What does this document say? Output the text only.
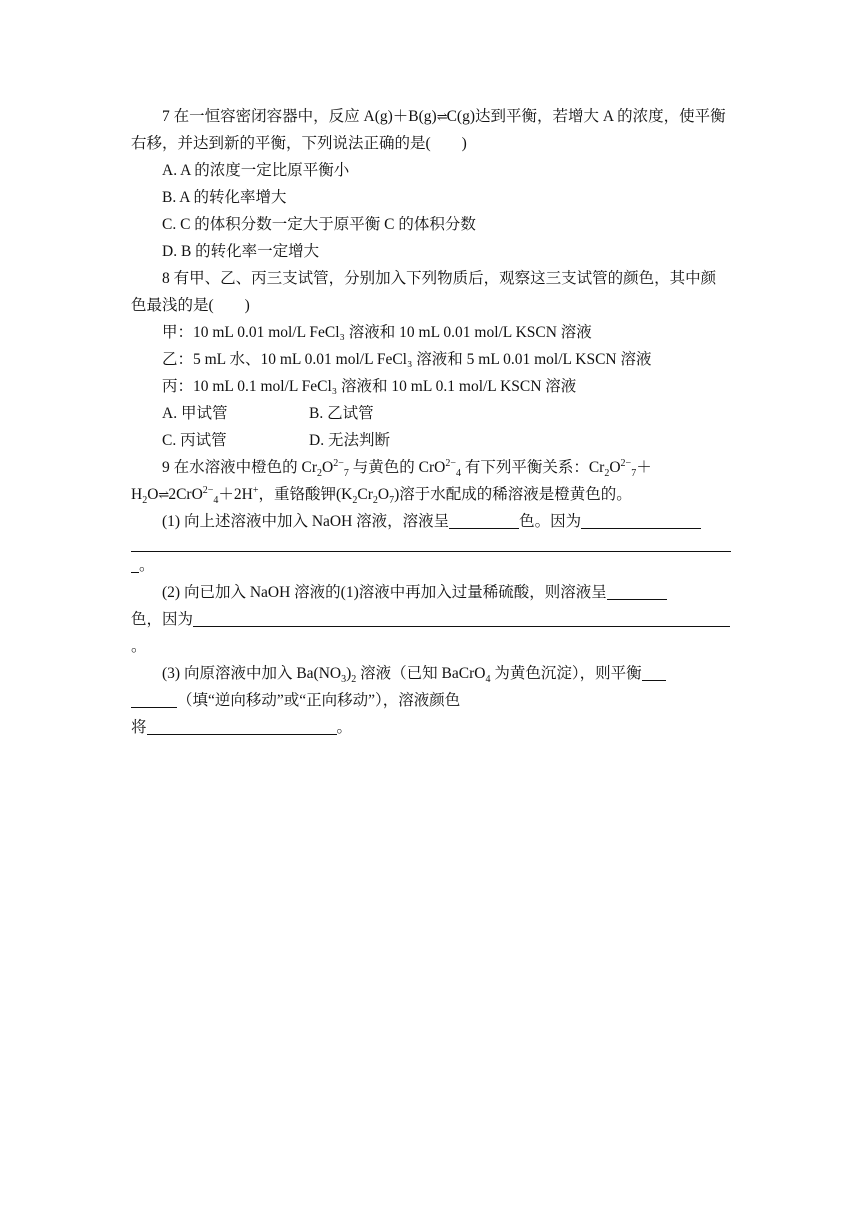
7 在一恒容密闭容器中，反应 A(g)＋B(g)⇌C(g)达到平衡，若增大 A 的浓度，使平衡右移，并达到新的平衡，下列说法正确的是(　　)

A. A 的浓度一定比原平衡小

B. A 的转化率增大

C. C 的体积分数一定大于原平衡 C 的体积分数

D. B 的转化率一定增大

8 有甲、乙、丙三支试管，分别加入下列物质后，观察这三支试管的颜色，其中颜色最浅的是(　　)

甲：10 mL 0.01 mol/L FeCl₃ 溶液和 10 mL 0.01 mol/L KSCN 溶液

乙：5 mL 水、10 mL 0.01 mol/L FeCl₃ 溶液和 5 mL 0.01 mol/L KSCN 溶液

丙：10 mL 0.1 mol/L FeCl₃ 溶液和 10 mL 0.1 mol/L KSCN 溶液

A. 甲试管	B. 乙试管
C. 丙试管	D. 无法判断

9 在水溶液中橙色的 $Cr_2O^{2-}_7$ 与黄色的 CrO$^{2-}_4$ 有下列平衡关系：$Cr_2O^{2-}_7+H_2O\rightleftharpoons 2CrO^{2-}_4+2H^+$，重铬酸钾$(K_2Cr_2O_7)$溶于水配成的稀溶液是橙黄色的。

(1) 向上述溶液中加入 NaOH 溶液，溶液呈	色。因为

。

(2) 向已加入 NaOH 溶液的(1)溶液中再加入过量稀硫酸，则溶液呈

色，因为。

(3) 向原溶液中加入 $Ba(NO_3)_2$ 溶液（已知 BaCrO$_4$ 为黄色沉淀），则平衡

（填“逆向移动”或“正向移动”），溶液颜色

将	。
